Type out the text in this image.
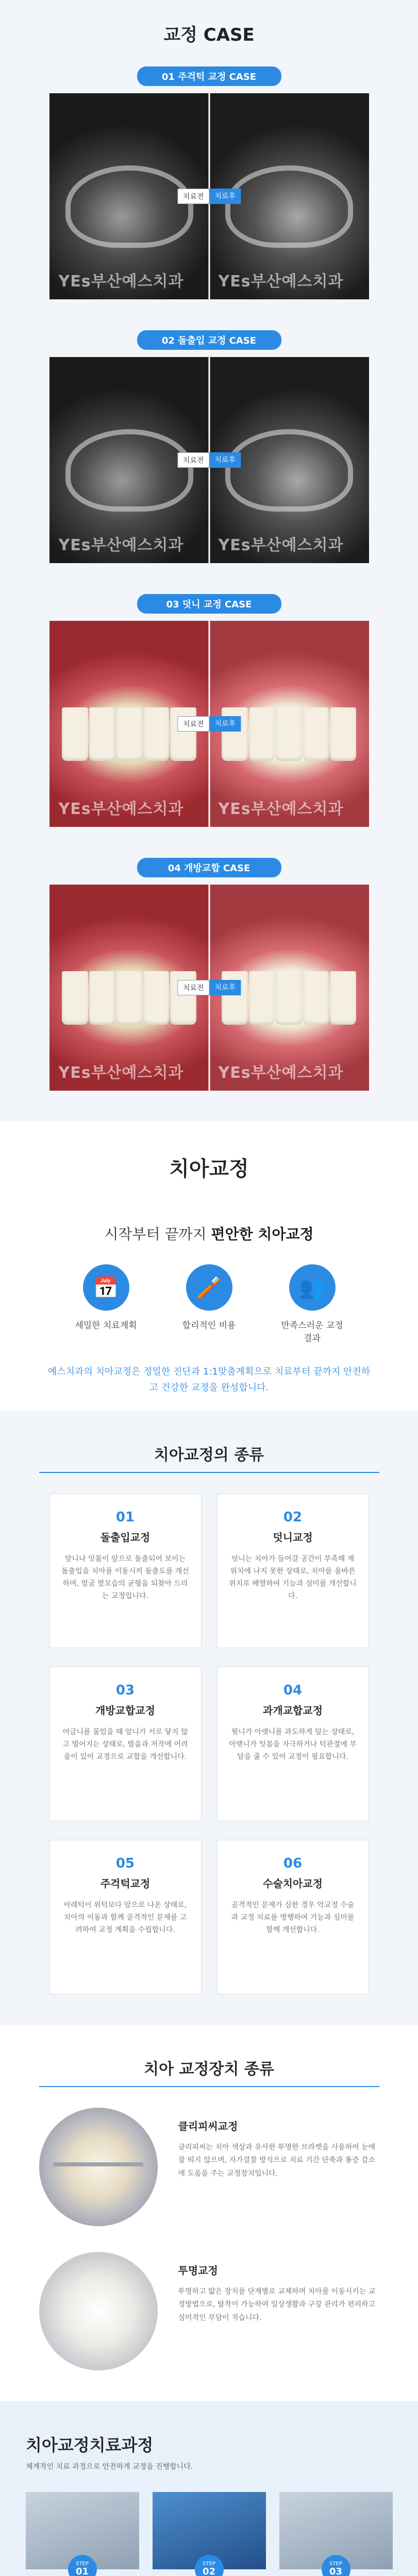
교정 CASE
01 주걱턱 교정 CASE
YEs부산예스치과 YEs부산예스치과
치료전	치료후
02 돌출입 교정 CASE
YEs부산예스치과 YEs부산예스치과
치료전	치료후
03 덧니 교정 CASE
YEs부산예스치과 YEs부산예스치과
치료전	치료후
04 개방교합 CASE
YEs부산예스치과 YEs부산예스치과
치료전	치료후
치아교정

시작부터 끝까지 편안한 치아교정

📅
세밀한 치료계획
🪥
합리적인 비용
👥
만족스러운 교정결과

예스치과의 치아교정은 정밀한 진단과 1:1맞춤계획으로 치료부터 끝까지 안전하고 건강한 교정을 완성합니다.

치아교정의 종류
01
돌출입교정

앞니나 잇몸이 앞으로 돌출되어 보이는 돌출입을 치아를 이동시켜 돌출도를 개선하며, 얼굴 옆모습의 균형을 되찾아 드리는 교정입니다.

02
덧니교정

덧니는 치아가 들어갈 공간이 부족해 제 위치에 나지 못한 상태로, 치아를 올바른 위치로 배열하여 기능과 심미를 개선합니다.

03
개방교합교정

어금니를 물었을 때 앞니가 서로 닿지 않고 벌어지는 상태로, 발음과 저작에 어려움이 있어 교정으로 교합을 개선합니다.

04
과개교합교정

윗니가 아랫니를 과도하게 덮는 상태로, 아랫니가 잇몸을 자극하거나 턱관절에 부담을 줄 수 있어 교정이 필요합니다.

05
주걱턱교정

아래턱이 위턱보다 앞으로 나온 상태로, 치아의 이동과 함께 골격적인 문제를 고려하여 교정 계획을 수립합니다.

06
수술치아교정

골격적인 문제가 심한 경우 악교정 수술과 교정 치료를 병행하여 기능과 심미를 함께 개선합니다.

치아 교정장치 종류
클리피씨교정

클리피씨는 치아 색상과 유사한 투명한 브라켓을 사용하여 눈에 잘 띄지 않으며, 자가결찰 방식으로 치료 기간 단축과 통증 감소에 도움을 주는 교정장치입니다.

투명교정

투명하고 얇은 장치를 단계별로 교체하며 치아를 이동시키는 교정방법으로, 탈착이 가능하여 일상생활과 구강 관리가 편리하고 심미적인 부담이 적습니다.

치아교정치료과정

체계적인 치료 과정으로 안전하게 교정을 진행합니다.

STEP
01

STEP
02

STEP
03
